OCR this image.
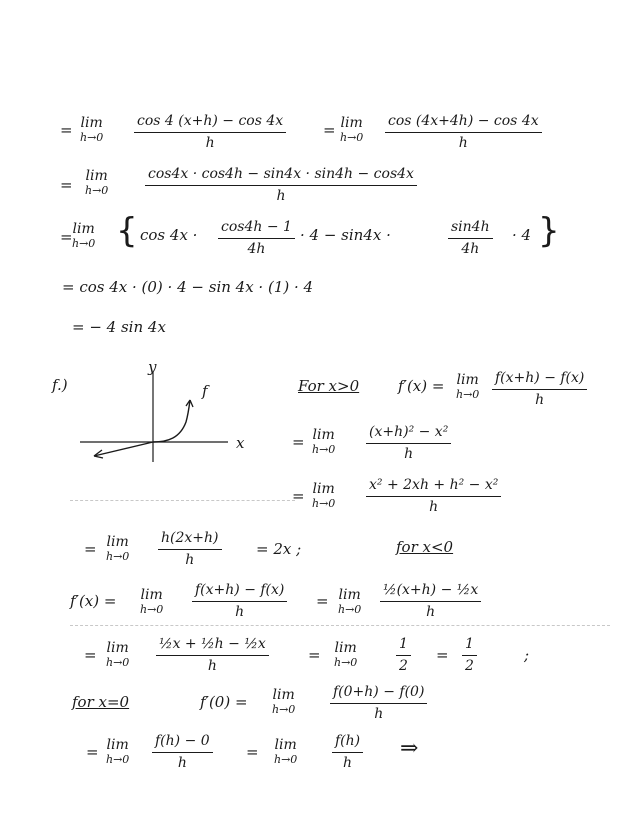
= lim
$h\to 0 \frac{\cos 4 (x+h) - \cos 4x}{h} = \lim$
$h\to 0 \frac{\cos (4x+4h) - \cos 4x}{h}$
= lim
h→0	$\frac{\cos 4x \cdot \cos 4h - \sin 4x \cdot \sin 4h - \cos 4x}{h}$
= lim
h→0 { $\cos 4x \cdot \frac{\cos 4h - 1}{4h} \cdot 4 - \sin 4x$ ·	$\frac{\sin 4h}{4h} \cdot 4$ }
= cos 4x · (0) · 4 − sin 4x · (1) · 4
= − 4 sin 4x
f.)
y
x
f	For x>0	f′(x) = lim
$h\to 0 \frac{f(x+h) - f(x)}{h}$
= lim
$h\to 0 \frac{\text{(x+h)² − x²}}{h}$
= lim
$h\to 0 \frac{\text{x² + 2xh + h² − x²}}{h}$
= lim
$h\to 0 \frac{h(2x+h)}{h} = 2x$ ;	for x<0
f′(x) = lim
$h\to 0 \frac{f(x+h) - f(x)}{h} = \lim$
$h\to 0 \frac{\text{½(x+h) − ½x}}{h}$
= lim
$h\to 0 \frac{\text{½x + ½h − ½x}}{h}$	= lim
h→0	$\frac{1}{2} = \frac{1}{2}$	;
for x=0	f′(0) = lim
$h\to 0 \frac{f(0+h) - f(0)}{h}$
= lim
$h\to 0 \frac{f(h) - 0}{h} = \lim$
$h\to 0 \frac{f(h)}{h}$ ⇒
